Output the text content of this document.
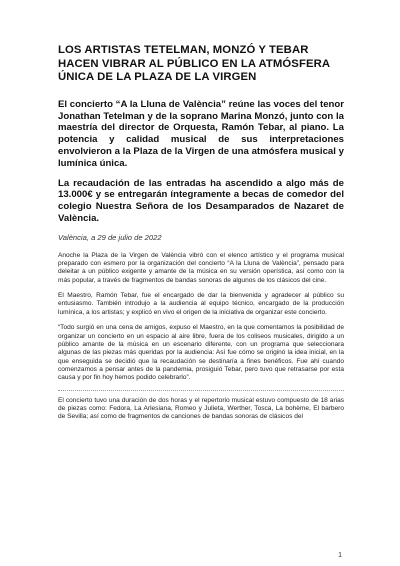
LOS ARTISTAS TETELMAN, MONZÓ Y TEBAR HACEN VIBRAR AL PÚBLICO EN LA ATMÓSFERA ÚNICA DE LA PLAZA DE LA VIRGEN

El concierto “A la Lluna de València” reúne las voces del tenor Jonathan Tetelman y de la soprano Marina Monzó, junto con la maestría del director de Orquesta, Ramón Tebar, al piano. La potencia y calidad musical de sus interpretaciones envolvieron a la Plaza de la Virgen de una atmósfera musical y lumínica única.

La recaudación de las entradas ha ascendido a algo más de 13.000€ y se entregarán íntegramente a becas de comedor del colegio Nuestra Señora de los Desamparados de Nazaret de València.

València, a 29 de julio de 2022

Anoche la Plaza de la Virgen de València vibró con el elenco artístico y el programa musical preparado con esmero por la organización del concierto “A la Lluna de València”, pensado para deleitar a un público exigente y amante de la música en su versión operística, así como con la más popular, a través de fragmentos de bandas sonoras de algunos de los clásicos del cine.

El Maestro, Ramón Tebar, fue el encargado de dar la bienvenida y agradecer al público su entusiasmo. También introdujo a la audiencia al equipo técnico, encargado de la producción lumínica, a los artistas; y explicó en vivo el origen de la iniciativa de organizar este concierto.

“Todo surgió en una cena de amigos, expuso el Maestro, en la que comentamos la posibilidad de organizar un concierto en un espacio al aire libre, fuera de los coliseos musicales, dirigido a un público amante de la música en un escenario diferente, con un programa que seleccionara algunas de las piezas más queridas por la audiencia: Así fue cómo se originó la idea inicial, en la que enseguida se decidió que la recaudación se destinaría a fines benéficos. Fue ahí cuando comenzamos a pensar antes de la pandemia, prosiguió Tebar, pero tuvo que retrasarse por esta causa y por fin hoy hemos podido celebrarlo”.

El concierto tuvo una duración de dos horas y el repertorio musical estuvo compuesto de 18 arias de piezas como: Fedora, La Arlesiana, Romeo y Julieta, Werther, Tosca, La bohème, El barbero de Sevilla; así como de fragmentos de canciones de bandas sonoras de clásicos del

1
